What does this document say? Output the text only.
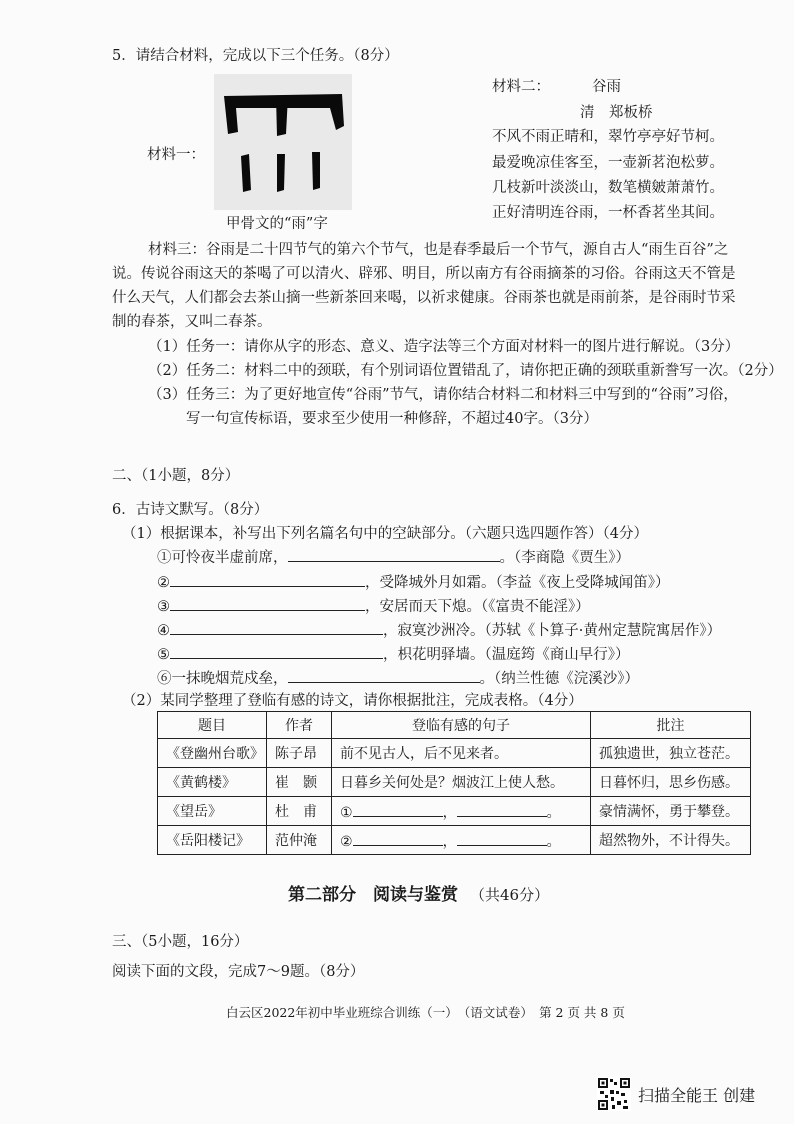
5．请结合材料，完成以下三个任务。（8分）
材料一：
甲骨文的“雨”字
材料二：	谷雨
清　郑板桥
不风不雨正晴和，翠竹亭亭好节柯。
最爱晚凉佳客至，一壶新茗泡松萝。
几枝新叶淡淡山，数笔横皴萧萧竹。
正好清明连谷雨，一杯香茗坐其间。
材料三：谷雨是二十四节气的第六个节气，也是春季最后一个节气，源自古人“雨生百谷”之
说。传说谷雨这天的茶喝了可以清火、辟邪、明目，所以南方有谷雨摘茶的习俗。谷雨这天不管是
什么天气，人们都会去茶山摘一些新茶回来喝，以祈求健康。谷雨茶也就是雨前茶，是谷雨时节采
制的春茶，又叫二春茶。
（1）任务一：请你从字的形态、意义、造字法等三个方面对材料一的图片进行解说。（3分）
（2）任务二：材料二中的颈联，有个别词语位置错乱了，请你把正确的颈联重新誊写一次。（2分）
（3）任务三：为了更好地宣传“谷雨”节气，请你结合材料二和材料三中写到的“谷雨”习俗，
写一句宣传标语，要求至少使用一种修辞，不超过40字。（3分）
二、（1小题，8分）
6．古诗文默写。（8分）
（1）根据课本，补写出下列名篇名句中的空缺部分。（六题只选四题作答）（4分）
①可怜夜半虚前席，	。（李商隐《贾生》）
②	，受降城外月如霜。（李益《夜上受降城闻笛》）
③	，安居而天下熄。（《富贵不能淫》）
④	，寂寞沙洲冷。（苏轼《卜算子·黄州定慧院寓居作》）
⑤	，枳花明驿墙。（温庭筠《商山早行》）
⑥一抹晚烟荒戍垒，	。（纳兰性德《浣溪沙》）
（2）某同学整理了登临有感的诗文，请你根据批注，完成表格。（4分）
题目	作者	登临有感的句子	批注
《登幽州台歌》	陈子昂	前不见古人，后不见来者。	孤独遗世，独立苍茫。
《黄鹤楼》	崔　颢	日暮乡关何处是？烟波江上使人愁。	日暮怀归，思乡伤感。
《望岳》	杜　甫	① ， 。	豪情满怀，勇于攀登。
《岳阳楼记》	范仲淹	② ， 。	超然物外，不计得失。
第二部分　阅读与鉴赏 （共46分）
三、（5小题，16分）
阅读下面的文段，完成7～9题。（8分）
白云区2022年初中毕业班综合训练（一）　（语文试卷）　第 2 页 共 8 页
扫描全能王 创建
